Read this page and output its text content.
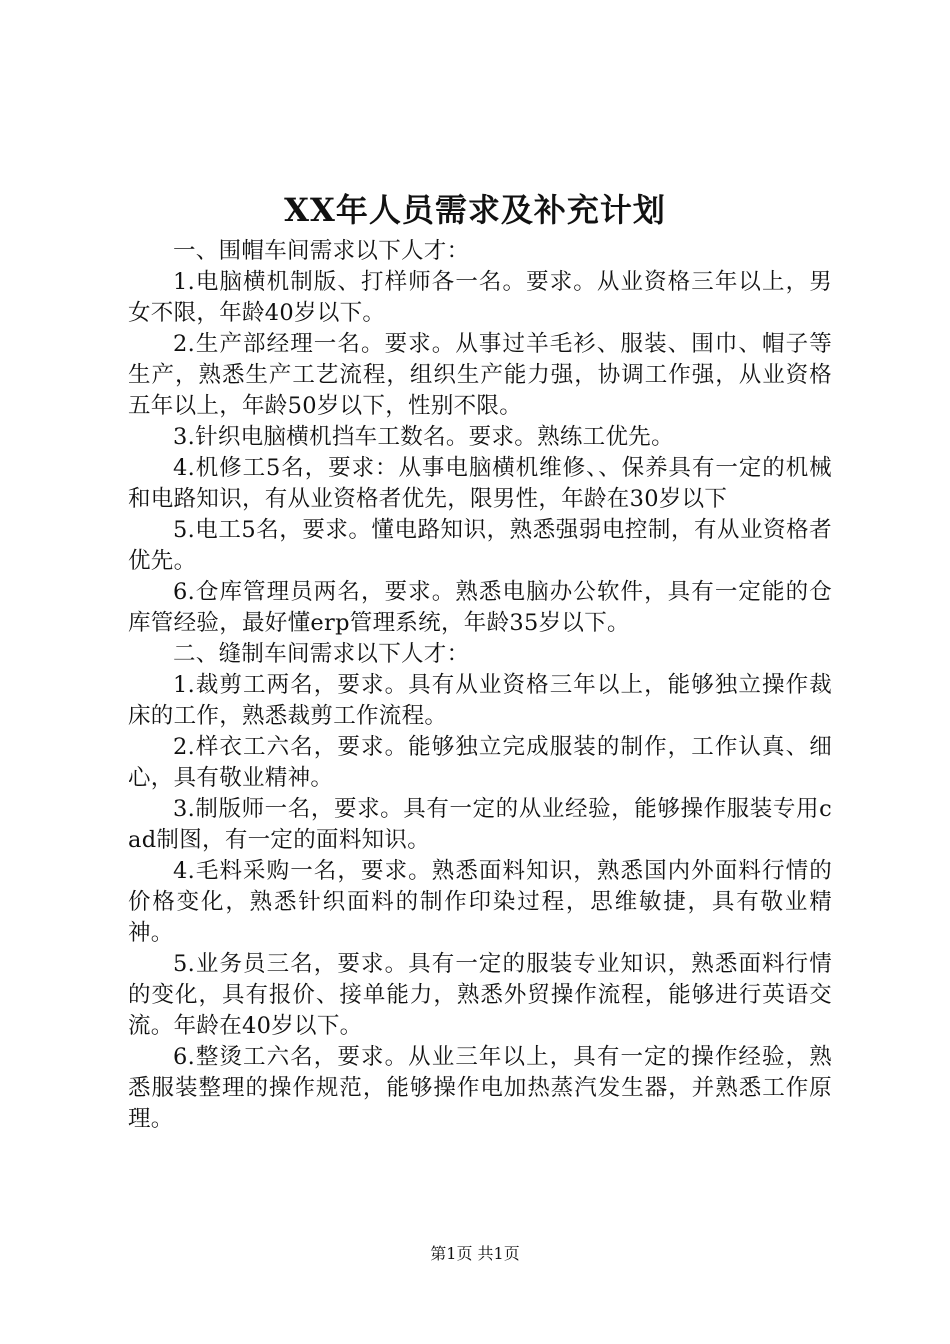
XX年人员需求及补充计划

一、围帽车间需求以下人才：

1.电脑横机制版、打样师各一名。要求。从业资格三年以上，男女不限，年龄40岁以下。

2.生产部经理一名。要求。从事过羊毛衫、服装、围巾、帽子等生产，熟悉生产工艺流程，组织生产能力强，协调工作强，从业资格五年以上，年龄50岁以下，性别不限。

3.针织电脑横机挡车工数名。要求。熟练工优先。

4.机修工5名，要求：从事电脑横机维修、、保养具有一定的机械和电路知识，有从业资格者优先，限男性，年龄在30岁以下

5.电工5名，要求。懂电路知识，熟悉强弱电控制，有从业资格者优先。

6.仓库管理员两名，要求。熟悉电脑办公软件，具有一定能的仓库管经验，最好懂erp管理系统，年龄35岁以下。

二、缝制车间需求以下人才：

1.裁剪工两名，要求。具有从业资格三年以上，能够独立操作裁床的工作，熟悉裁剪工作流程。

2.样衣工六名，要求。能够独立完成服装的制作，工作认真、细心，具有敬业精神。

3.制版师一名，要求。具有一定的从业经验，能够操作服装专用cad制图，有一定的面料知识。

4.毛料采购一名，要求。熟悉面料知识，熟悉国内外面料行情的价格变化，熟悉针织面料的制作印染过程，思维敏捷，具有敬业精神。

5.业务员三名，要求。具有一定的服装专业知识，熟悉面料行情的变化，具有报价、接单能力，熟悉外贸操作流程，能够进行英语交流。年龄在40岁以下。

6.整烫工六名，要求。从业三年以上，具有一定的操作经验，熟悉服装整理的操作规范，能够操作电加热蒸汽发生器，并熟悉工作原理。

第1页 共1页
